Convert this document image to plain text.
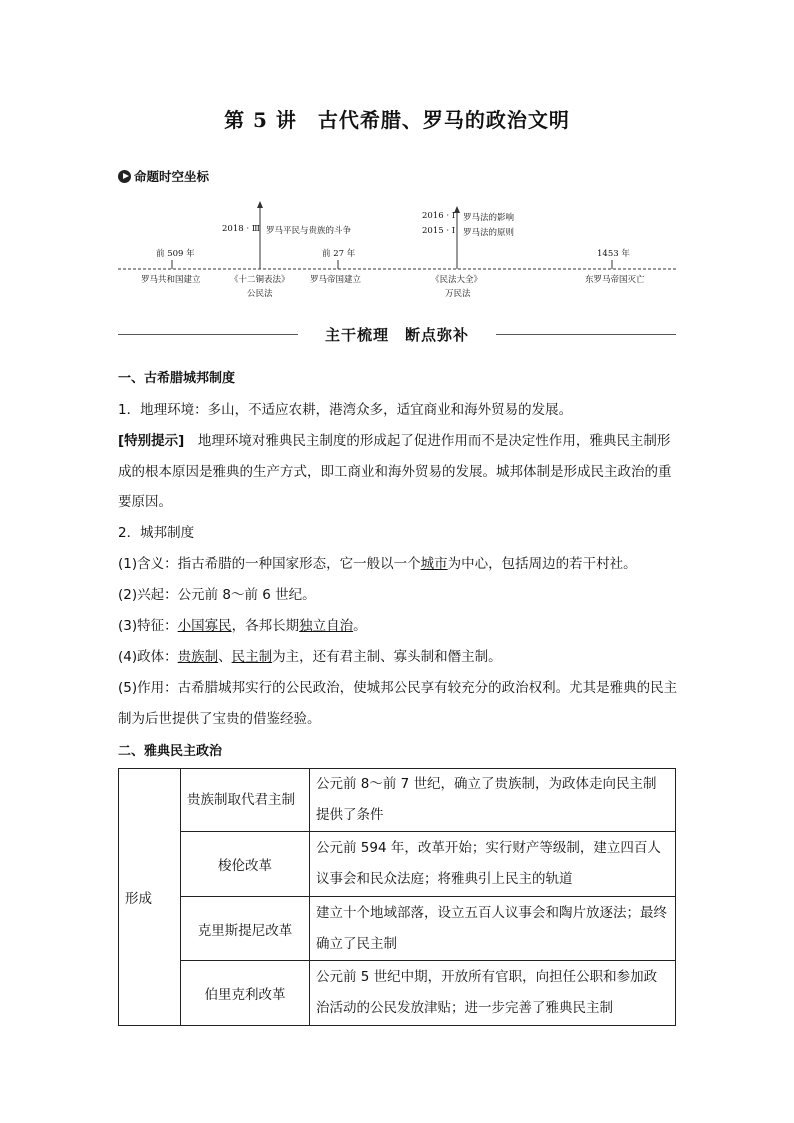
第 5 讲　古代希腊、罗马的政治文明
命题时空坐标
2018 · Ⅲ 罗马平民与贵族的斗争
2016 · Ⅰ 罗马法的影响
2015 · Ⅰ 罗马法的原则
前 509 年	前 27 年	1453 年
罗马共和国建立	《十二铜表法》
公民法
罗马帝国建立	《民法大全》
万民法
东罗马帝国灭亡
主干梳理　断点弥补
一、古希腊城邦制度
1．地理环境：多山，不适应农耕，港湾众多，适宜商业和海外贸易的发展。
[特别提示]　地理环境对雅典民主制度的形成起了促进作用而不是决定性作用，雅典民主制形成的根本原因是雅典的生产方式，即工商业和海外贸易的发展。城邦体制是形成民主政治的重要原因。
2．城邦制度
(1)含义：指古希腊的一种国家形态，它一般以一个城市为中心，包括周边的若干村社。
(2)兴起：公元前 8～前 6 世纪。
(3)特征：小国寡民，各邦长期独立自治。
(4)政体：贵族制、民主制为主，还有君主制、寡头制和僭主制。
(5)作用：古希腊城邦实行的公民政治，使城邦公民享有较充分的政治权利。尤其是雅典的民主制为后世提供了宝贵的借鉴经验。
二、雅典民主政治
形成	贵族制取代君主制	公元前 8～前 7 世纪，确立了贵族制，为政体走向民主制提供了条件
	梭伦改革	公元前 594 年，改革开始；实行财产等级制，建立四百人议事会和民众法庭；将雅典引上民主的轨道
	克里斯提尼改革	建立十个地域部落，设立五百人议事会和陶片放逐法；最终确立了民主制
	伯里克利改革	公元前 5 世纪中期，开放所有官职，向担任公职和参加政治活动的公民发放津贴；进一步完善了雅典民主制
